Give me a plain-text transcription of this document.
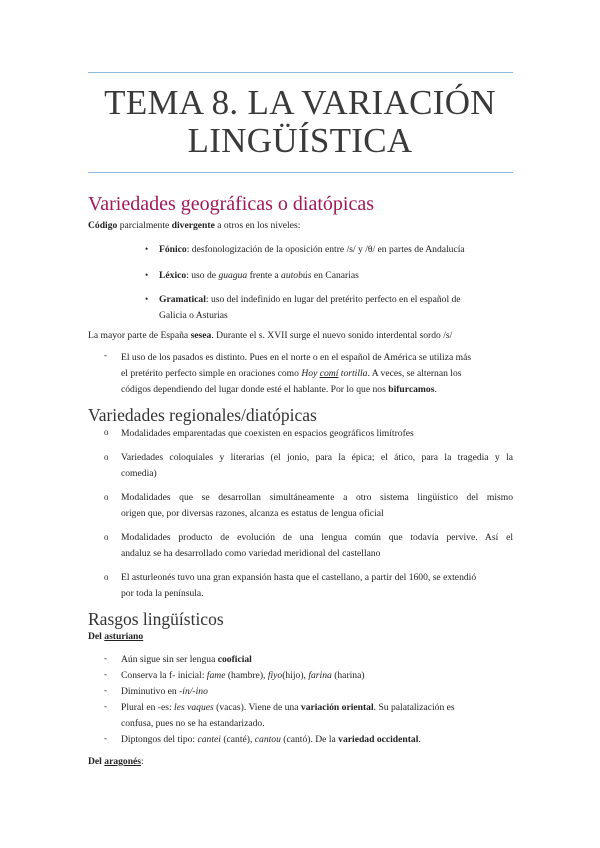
TEMA 8. LA VARIACIÓN
LINGÜÍSTICA
Variedades geográficas o diatópicas
Código parcialmente divergente a otros en los niveles:
• Fónico: desfonologización de la oposición entre /s/ y /θ/ en partes de Andalucía
• Léxico: uso de guagua frente a autobús en Canarias
• Gramatical: uso del indefinido en lugar del pretérito perfecto en el español de
Galicia o Asturias
La mayor parte de España sesea. Durante el s. XVII surge el nuevo sonido interdental sordo /s/
- El uso de los pasados es distinto. Pues en el norte o en el español de América se utiliza más
el pretérito perfecto simple en oraciones como Hoy comí tortilla. A veces, se alternan los
códigos dependiendo del lugar donde esté el hablante. Por lo que nos bifurcamos.
Variedades regionales/diatópicas
o Modalidades emparentadas que coexisten en espacios geográficos limítrofes
o Variedades coloquiales y literarias (el jonio, para la épica; el ático, para la tragedia y la
comedia)
o Modalidades que se desarrollan simultáneamente a otro sistema lingüístico del mismo
origen que, por diversas razones, alcanza es estatus de lengua oficial
o Modalidades producto de evolución de una lengua común que todavía pervive. Así el
andaluz se ha desarrollado como variedad meridional del castellano
o El asturleonés tuvo una gran expansión hasta que el castellano, a partir del 1600, se extendió
por toda la península.
Rasgos lingüísticos
Del asturiano
- Aún sigue sin ser lengua cooficial
- Conserva la f- inicial: fame (hambre), fiyo(hijo), farina (harina)
- Diminutivo en -ín/-ino
- Plural en -es: les vaques (vacas). Viene de una variación oriental. Su palatalización es
confusa, pues no se ha estandarizado.
- Diptongos del tipo: cantei (canté), cantou (cantó). De la variedad occidental.
Del aragonés:
